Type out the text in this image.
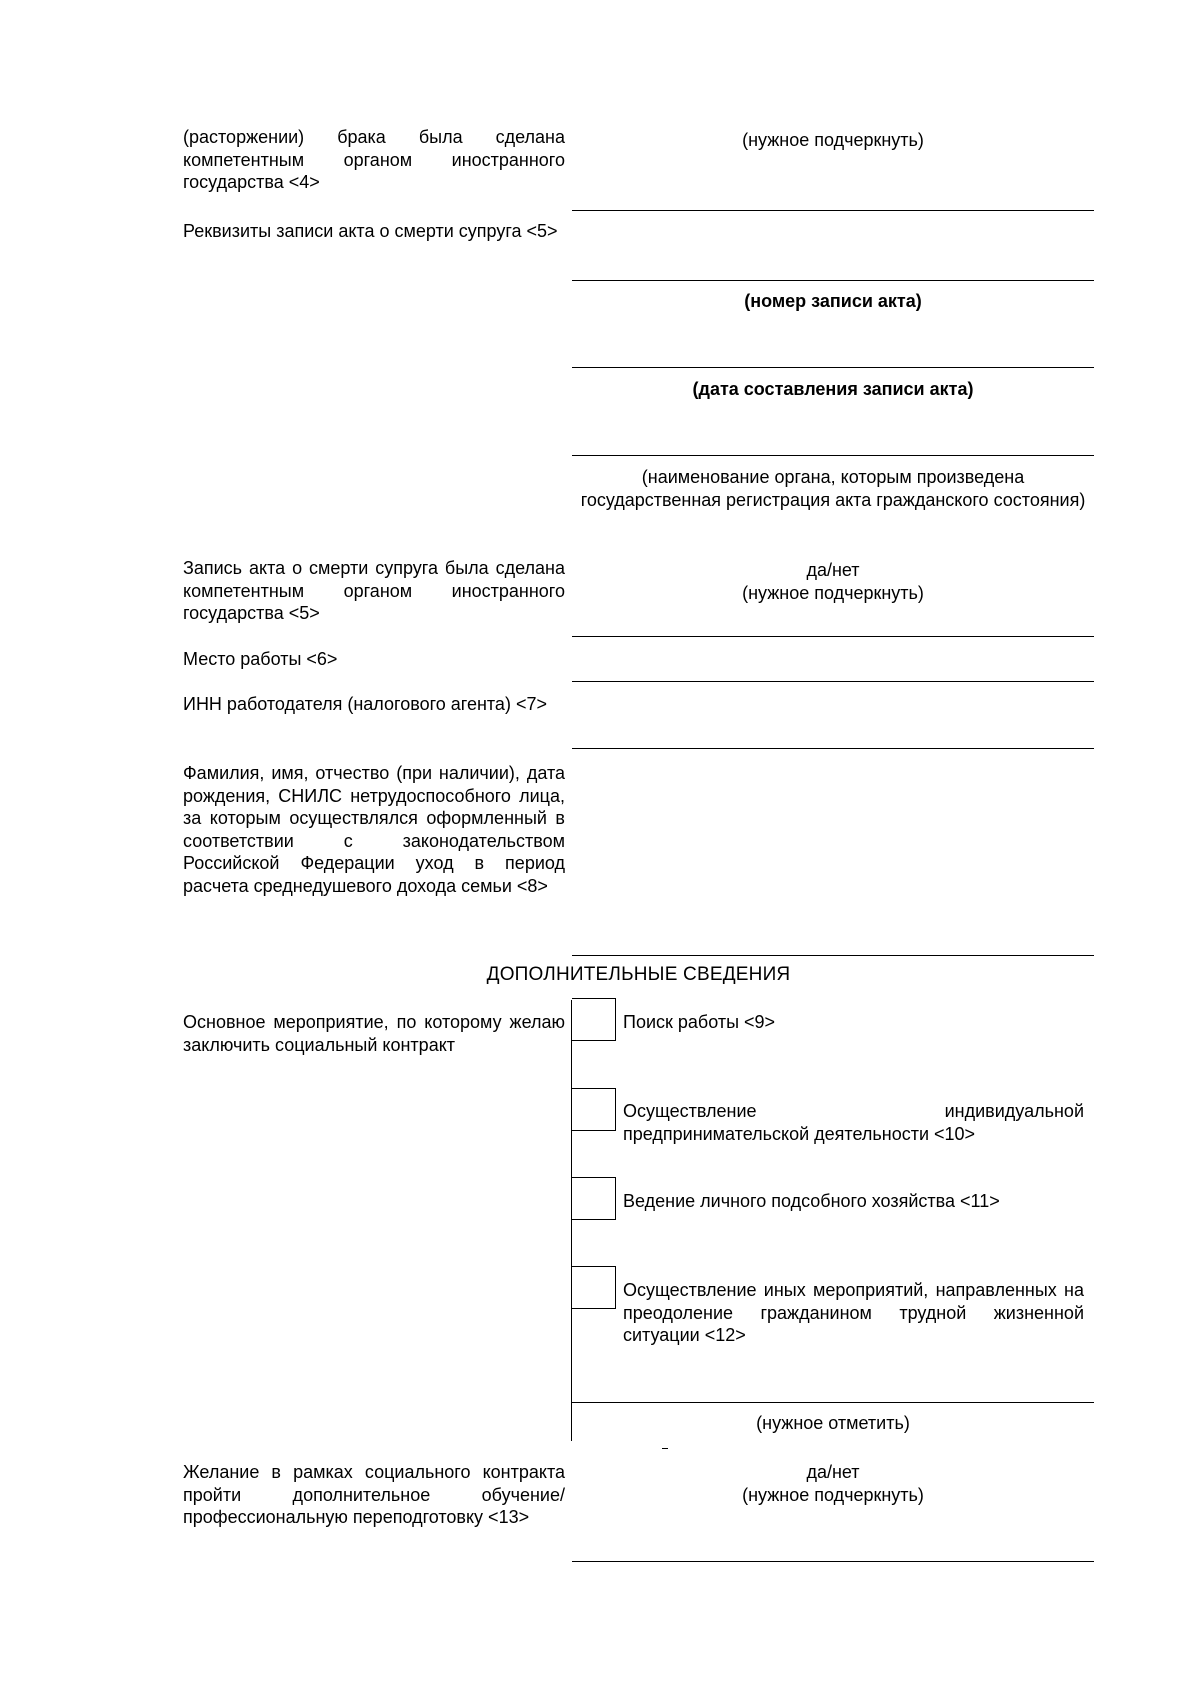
(расторжении) брака была сделана компетентным органом иностранного государства <4>

(нужное подчеркнуть)

Реквизиты записи акта о смерти супруга <5>

(номер записи акта)

(дата составления записи акта)

(наименование органа, которым произведена государственная регистрация акта гражданского состояния)

Запись акта о смерти супруга была сделана компетентным органом иностранного государства <5>

да/нет

(нужное подчеркнуть)

Место работы <6>

ИНН работодателя (налогового агента) <7>

Фамилия, имя, отчество (при наличии), дата рождения, СНИЛС нетрудоспособного лица, за которым осуществлялся оформленный в соответствии с законодательством Российской Федерации уход в период расчета среднедушевого дохода семьи <8>

ДОПОЛНИТЕЛЬНЫЕ СВЕДЕНИЯ

Основное мероприятие, по которому желаю заключить социальный контракт

Поиск работы <9>

Осуществление индивидуальной предпринимательской деятельности <10>

Ведение личного подсобного хозяйства <11>

Осуществление иных мероприятий, направленных на преодоление гражданином трудной жизненной ситуации <12>

(нужное отметить)

Желание в рамках социального контракта пройти дополнительное обучение/профессиональную переподготовку <13>

да/нет

(нужное подчеркнуть)
